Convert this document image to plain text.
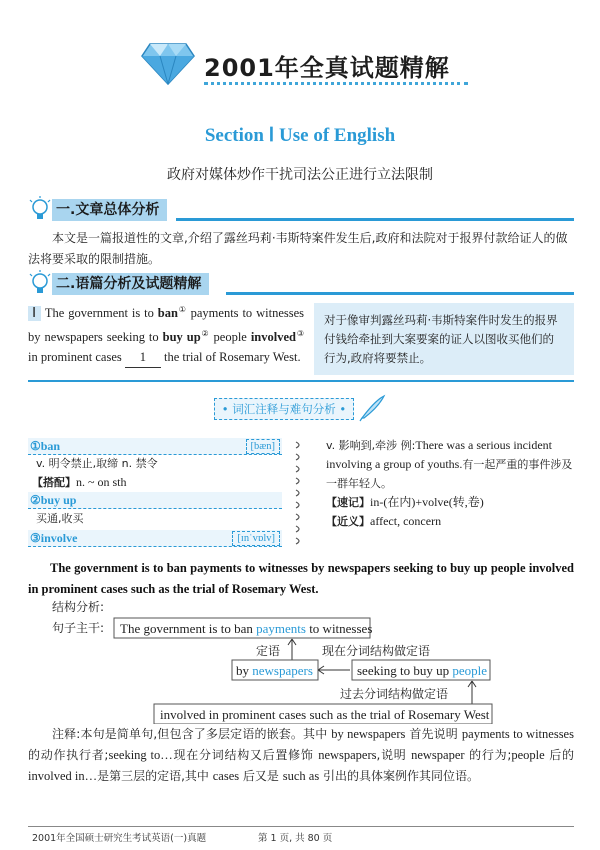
2001年全真试题精解
Section Ⅰ Use of English
政府对媒体炒作干扰司法公正进行立法限制
一.文章总体分析
本文是一篇报道性的文章,介绍了露丝玛莉·韦斯特案件发生后,政府和法院对于报界付款给证人的做法将要采取的限制措施。
二.语篇分析及试题精解
Ⅰ The government is to ban① payments to witnesses by newspapers seeking to buy up② people involved③ in prominent cases 1 the trial of Rosemary West.
对于像审判露丝玛莉·韦斯特案件时发生的报界付钱给牵扯到大案要案的证人以图收买他们的行为,政府将要禁止。
• 词汇注释与难句分析 •
①ban	[bæn]
v. 明令禁止,取缔 n. 禁令
【搭配】n. ~ on sth
②buy up
买通,收买
③involve	[ɪnˈvɒlv]
v. 影响到,牵涉 例:There was a serious incident involving a group of youths.有一起严重的事件涉及一群年轻人。
【速记】in-(在内)+volve(转,卷)
【近义】affect, concern
The government is to ban payments to witnesses by newspapers seeking to buy up people involved in prominent cases such as the trial of Rosemary West.
结构分析:
句子主干: The government is to ban payments to witnesses
定语
by newspapers
现在分词结构做定语
seeking to buy up people
过去分词结构做定语
involved in prominent cases such as the trial of Rosemary West
注释:本句是简单句,但包含了多层定语的嵌套。其中 by newspapers 首先说明 payments to witnesses 的动作执行者;seeking to…现在分词结构又后置修饰 newspapers,说明 newspaper 的行为;people 后的 involved in…是第三层的定语,其中 cases 后又是 such as 引出的具体案例作其同位语。
2001年全国硕士研究生考试英语(一)真题	第 1 页, 共 80 页
